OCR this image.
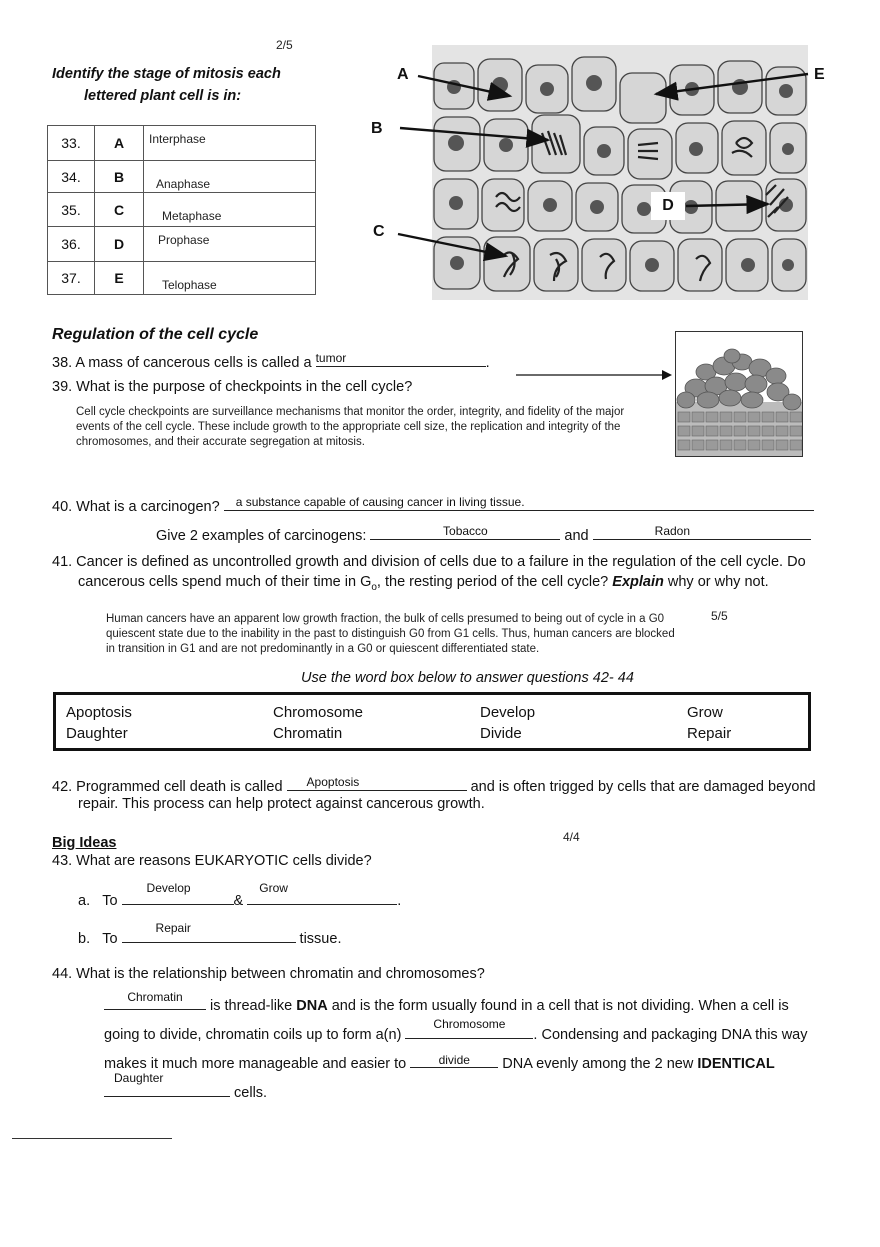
2/5
Identify the stage of mitosis each
lettered plant cell is in:
33.	A	Interphase
34.	B	Anaphase
35.	C	Metaphase
36.	D	Prophase
37.	E	Telophase
A
B
C
D
E
Regulation of the cell cycle
38. A mass of cancerous cells is called a tumor	.
39. What is the purpose of checkpoints in the cell cycle?
Cell cycle checkpoints are surveillance mechanisms that monitor the order, integrity, and fidelity of the major events of the cell cycle. These include growth to the appropriate cell size, the replication and integrity of the chromosomes, and their accurate segregation at mitosis.
40. What is a carcinogen?	a substance capable of causing cancer in living tissue.
Give 2 examples of carcinogens:	Tobacco	and	Radon
41. Cancer is defined as uncontrolled growth and division of cells due to a failure in the regulation of the cell cycle. Do
cancerous cells spend much of their time in $G_o$, the resting period of the cell cycle? Explain why or why not.
Human cancers have an apparent low growth fraction, the bulk of cells presumed to being out of cycle in a G0 quiescent state due to the inability in the past to distinguish G0 from G1 cells. Thus, human cancers are blocked in transition in G1 and are not predominantly in a G0 or quiescent differentiated state.
5/5
Use the word box below to answer questions 42- 44
Apoptosis	Chromosome	Develop	Grow
Daughter	Chromatin	Divide	Repair
42. Programmed cell death is called	Apoptosis	and is often trigged by cells that are damaged beyond
repair. This process can help protect against cancerous growth.
Big Ideas	4/4
43. What are reasons EUKARYOTIC cells divide?
a. To
Develop
&
Grow
.
b. To
Repair
tissue.
44. What is the relationship between chromatin and chromosomes?
Chromatin
is thread-like DNA and is the form usually found in a cell that is not dividing. When a cell is
going to divide, chromatin coils up to form a(n)
Chromosome
. Condensing and packaging DNA this way
makes it much more manageable and easier to	divide	DNA evenly among the 2 new IDENTICAL
Daughter
cells.
